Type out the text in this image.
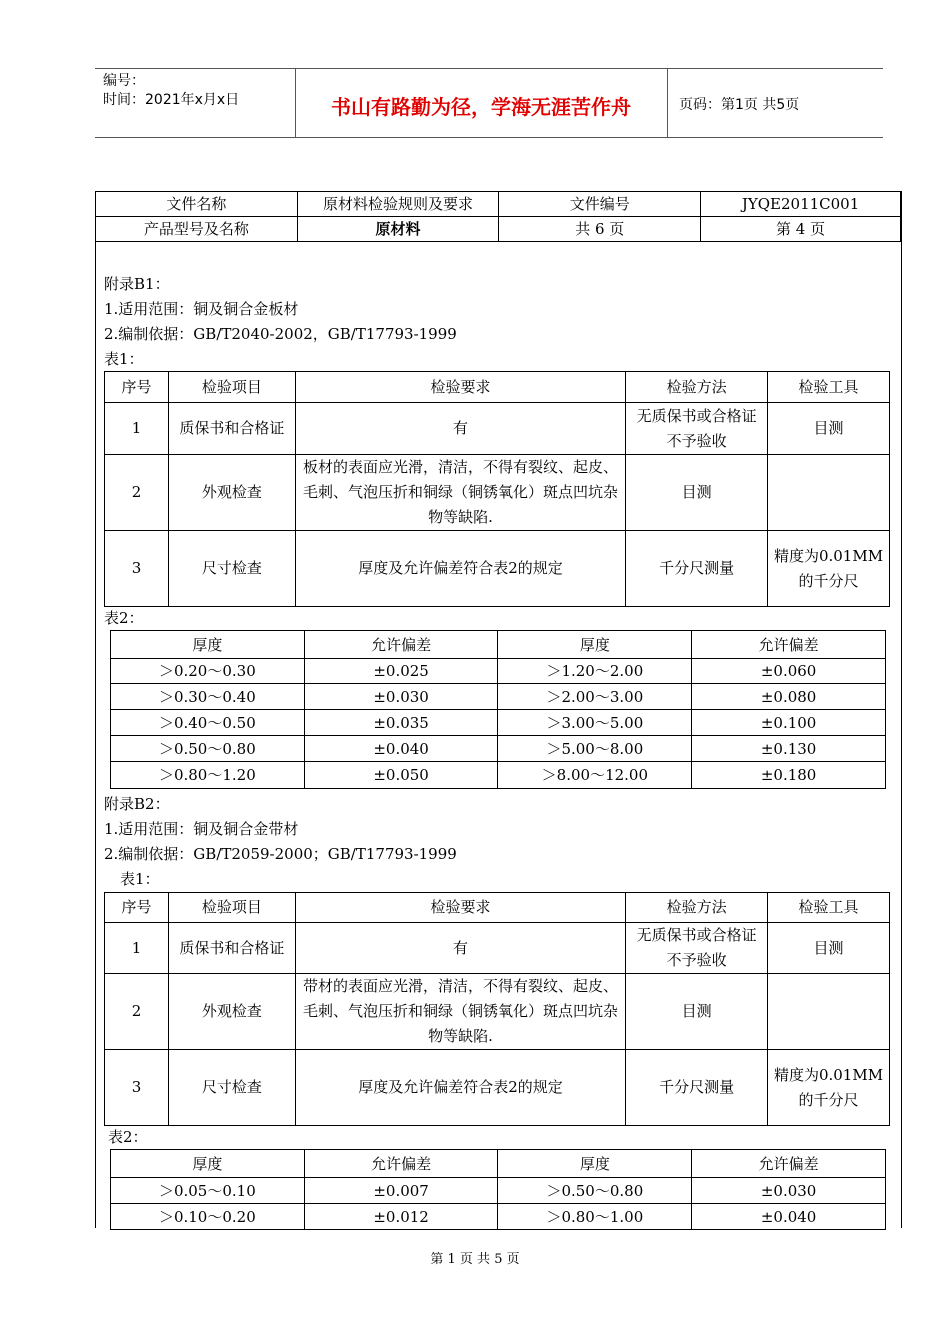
编号：
时间：2021年x月x日	书山有路勤为径，学海无涯苦作舟	页码：第1页 共5页
文件名称	原材料检验规则及要求	文件编号	JYQE2011C001
产品型号及名称	原材料	共 6 页	第 4 页
附录B1：
1.适用范围：铜及铜合金板材
2.编制依据：GB/T2040-2002，GB/T17793-1999
表1：
序号	检验项目	检验要求	检验方法	检验工具
1	质保书和合格证	有	无质保书或合格证不予验收	目测
2	外观检查	板材的表面应光滑，清洁，不得有裂纹、起皮、毛刺、气泡压折和铜绿（铜锈氧化）斑点凹坑杂物等缺陷.	目测	
3	尺寸检查	厚度及允许偏差符合表2的规定	千分尺测量	精度为0.01MM的千分尺
表2：
厚度	允许偏差	厚度	允许偏差
＞0.20～0.30	±0.025	＞1.20～2.00	±0.060
＞0.30～0.40	±0.030	＞2.00～3.00	±0.080
＞0.40～0.50	±0.035	＞3.00～5.00	±0.100
＞0.50～0.80	±0.040	＞5.00～8.00	±0.130
＞0.80～1.20	±0.050	＞8.00～12.00	±0.180
附录B2：
1.适用范围：铜及铜合金带材
2.编制依据：GB/T2059-2000；GB/T17793-1999
表1：
序号	检验项目	检验要求	检验方法	检验工具
1	质保书和合格证	有	无质保书或合格证不予验收	目测
2	外观检查	带材的表面应光滑，清洁，不得有裂纹、起皮、毛刺、气泡压折和铜绿（铜锈氧化）斑点凹坑杂物等缺陷.	目测	
3	尺寸检查	厚度及允许偏差符合表2的规定	千分尺测量	精度为0.01MM的千分尺
表2：
厚度	允许偏差	厚度	允许偏差
＞0.05～0.10	±0.007	＞0.50～0.80	±0.030
＞0.10～0.20	±0.012	＞0.80～1.00	±0.040
第 1 页 共 5 页
